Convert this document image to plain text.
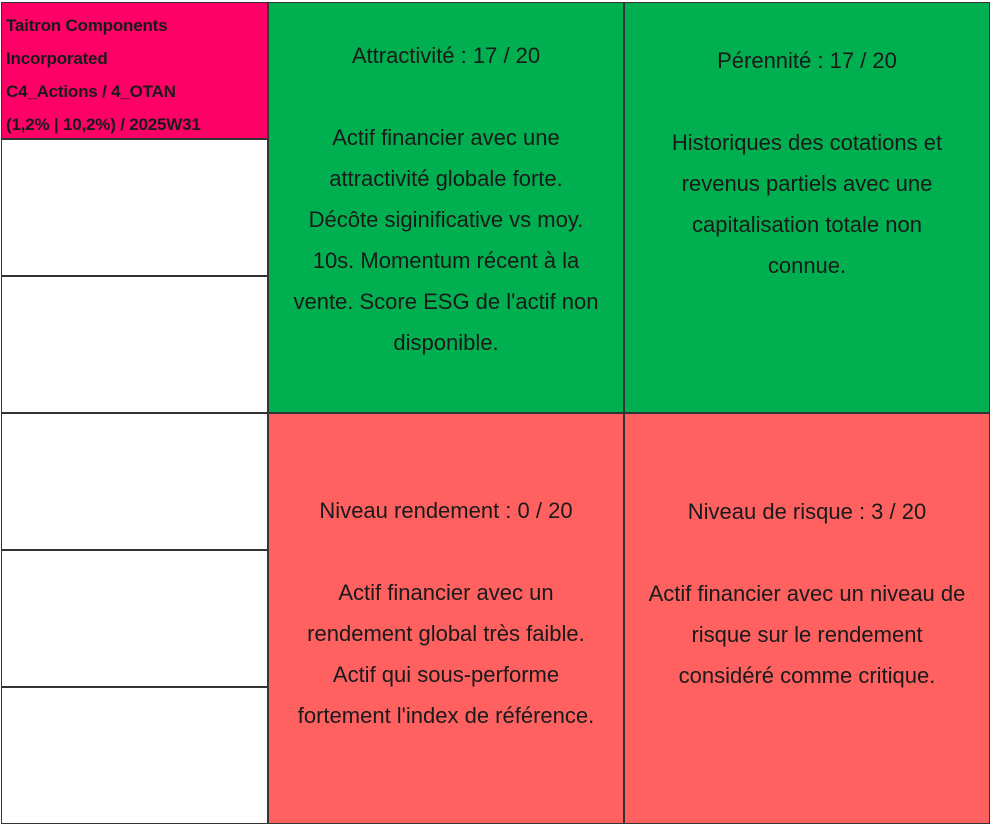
Taitron Components
Incorporated
C4_Actions / 4_OTAN
(1,2% | 10,2%) / 2025W31
Attractivité : 17 / 20
Actif financier avec une
attractivité globale forte.
Décôte siginificative vs moy.
10s. Momentum récent à la
vente. Score ESG de l'actif non
disponible.
Pérennité : 17 / 20
Historiques des cotations et
revenus partiels avec une
capitalisation totale non
connue.
Niveau rendement : 0 / 20
Actif financier avec un
rendement global très faible.
Actif qui sous-performe
fortement l'index de référence.
Niveau de risque : 3 / 20
Actif financier avec un niveau de
risque sur le rendement
considéré comme critique.
